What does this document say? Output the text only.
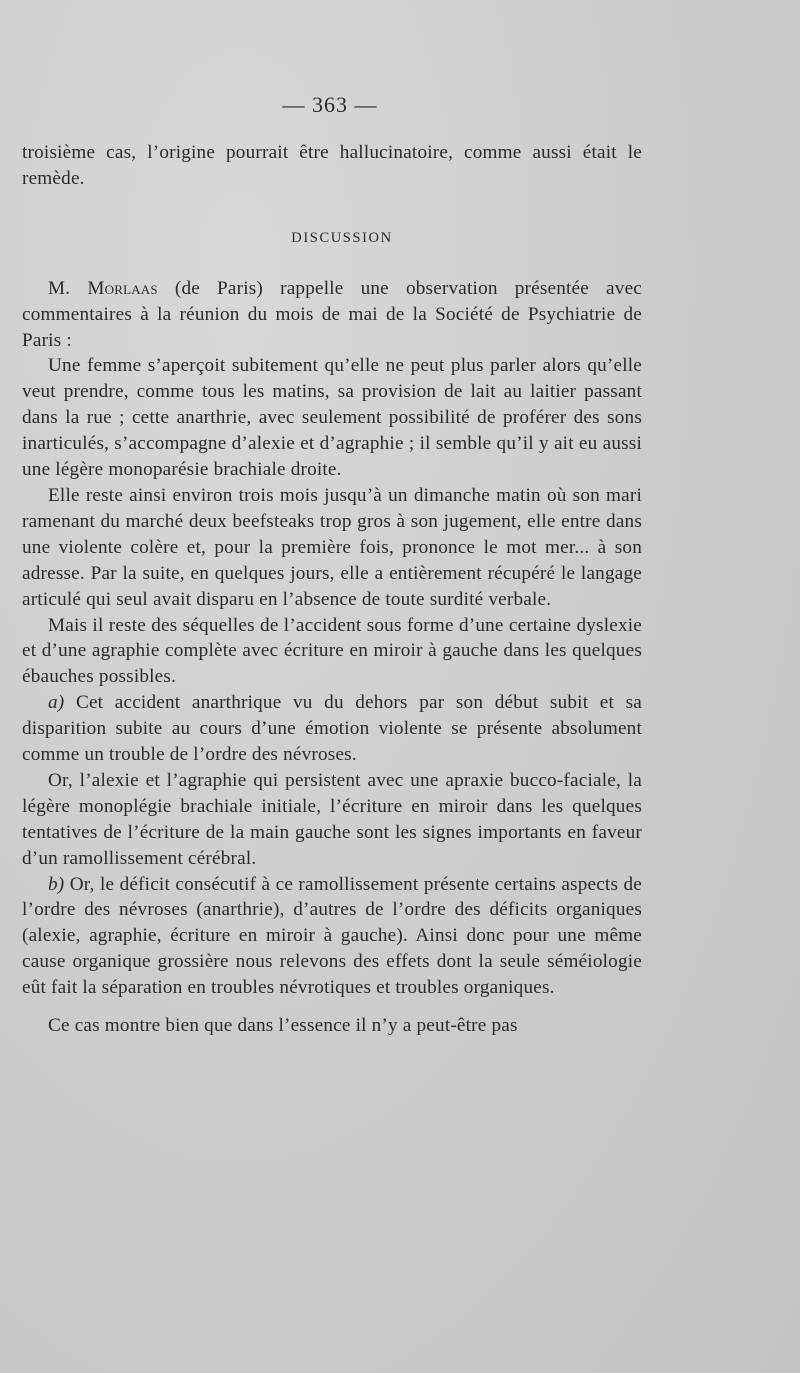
— 363 —

troisième cas, l’origine pourrait être hallucinatoire, comme aussi était le remède.

DISCUSSION

M. Morlaas (de Paris) rappelle une observation présentée avec commentaires à la réunion du mois de mai de la Société de Psychiatrie de Paris :

Une femme s’aperçoit subitement qu’elle ne peut plus parler alors qu’elle veut prendre, comme tous les matins, sa provision de lait au laitier passant dans la rue ; cette anarthrie, avec seulement possibilité de proférer des sons inarticulés, s’accompagne d’alexie et d’agraphie ; il semble qu’il y ait eu aussi une légère monoparésie brachiale droite.

Elle reste ainsi environ trois mois jusqu’à un dimanche matin où son mari ramenant du marché deux beefsteaks trop gros à son jugement, elle entre dans une violente colère et, pour la première fois, prononce le mot mer... à son adresse. Par la suite, en quelques jours, elle a entièrement récupéré le langage articulé qui seul avait disparu en l’absence de toute surdité verbale.

Mais il reste des séquelles de l’accident sous forme d’une certaine dyslexie et d’une agraphie complète avec écriture en miroir à gauche dans les quelques ébauches possibles.

a) Cet accident anarthrique vu du dehors par son début subit et sa disparition subite au cours d’une émotion violente se présente absolument comme un trouble de l’ordre des névroses.

Or, l’alexie et l’agraphie qui persistent avec une apraxie bucco-faciale, la légère monoplégie brachiale initiale, l’écriture en miroir dans les quelques tentatives de l’écriture de la main gauche sont les signes importants en faveur d’un ramollissement cérébral.

b) Or, le déficit consécutif à ce ramollissement présente certains aspects de l’ordre des névroses (anarthrie), d’autres de l’ordre des déficits organiques (alexie, agraphie, écriture en miroir à gauche). Ainsi donc pour une même cause organique grossière nous relevons des effets dont la seule séméiologie eût fait la séparation en troubles névrotiques et troubles organiques.

Ce cas montre bien que dans l’essence il n’y a peut-être pas
